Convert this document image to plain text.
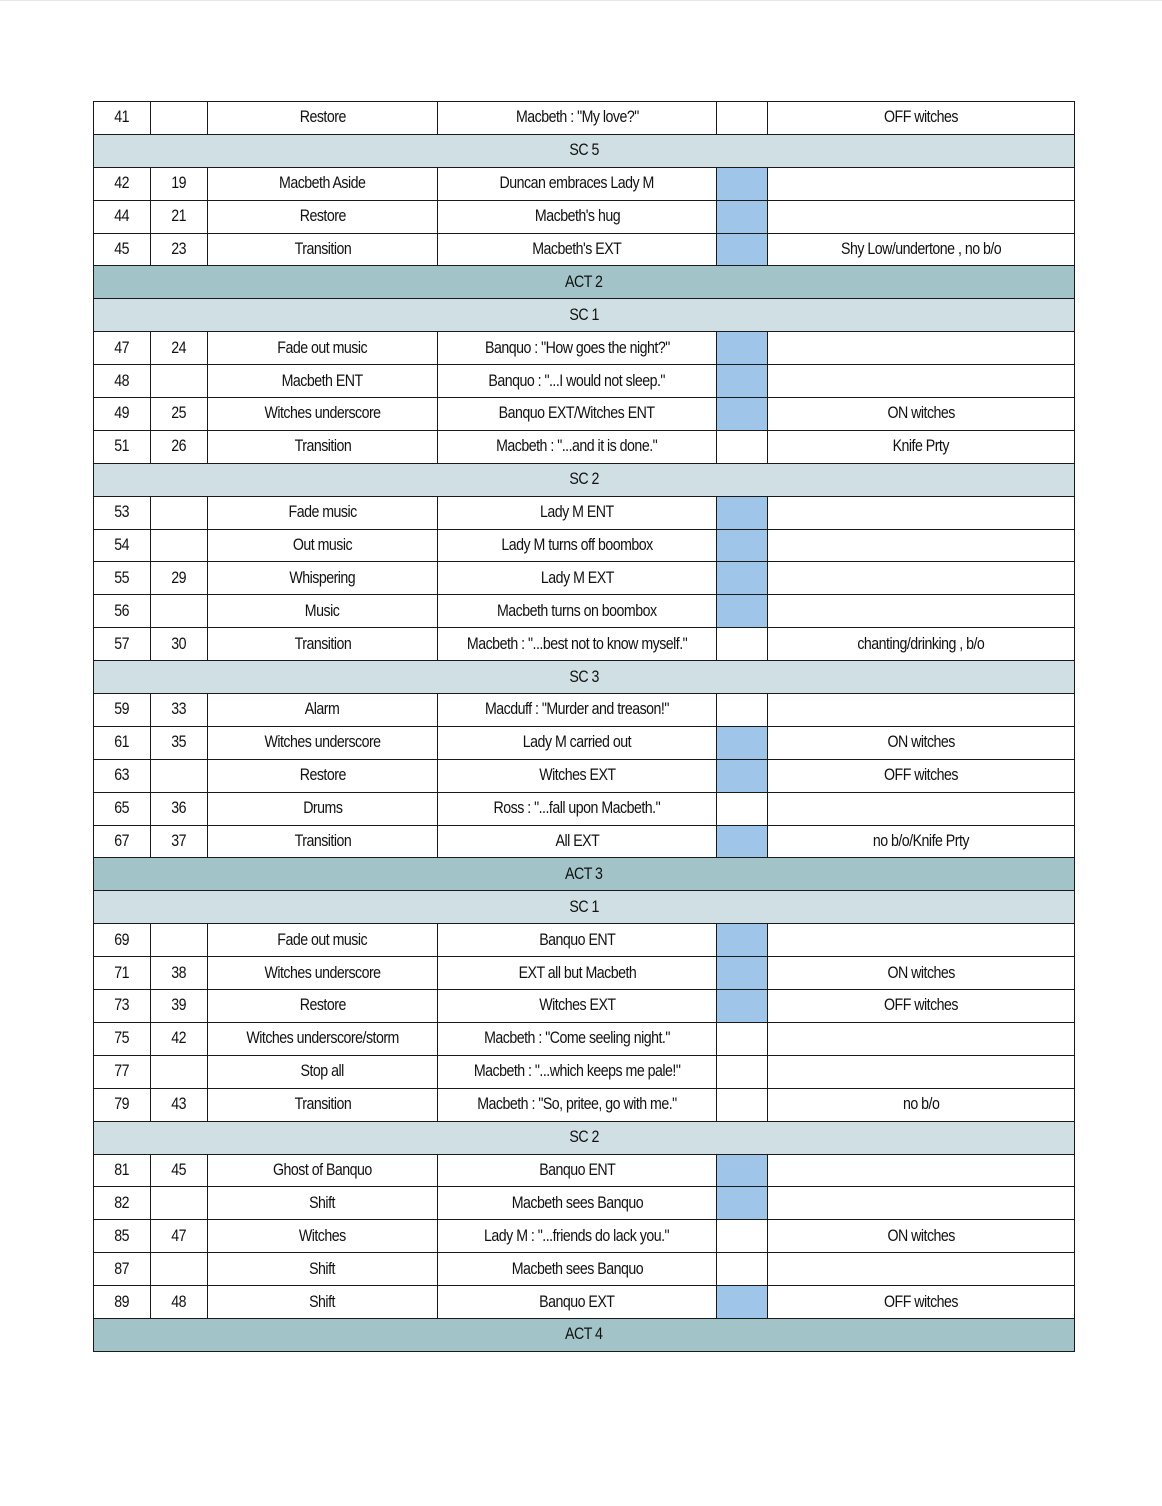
41		Restore	Macbeth : "My love?"		OFF witches
SC 5					
42	19	Macbeth Aside	Duncan embraces Lady M		
44	21	Restore	Macbeth's hug		
45	23	Transition	Macbeth's EXT		Shy Low/undertone , no b/o
ACT 2					
SC 1					
47	24	Fade out music	Banquo : "How goes the night?"		
48		Macbeth ENT	Banquo : "...I would not sleep."		
49	25	Witches underscore	Banquo EXT/Witches ENT		ON witches
51	26	Transition	Macbeth : "...and it is done."		Knife Prty
SC 2					
53		Fade music	Lady M ENT		
54		Out music	Lady M turns off boombox		
55	29	Whispering	Lady M EXT		
56		Music	Macbeth turns on boombox		
57	30	Transition	Macbeth : "...best not to know myself."		chanting/drinking , b/o
SC 3					
59	33	Alarm	Macduff : "Murder and treason!"		
61	35	Witches underscore	Lady M carried out		ON witches
63		Restore	Witches EXT		OFF witches
65	36	Drums	Ross : "...fall upon Macbeth."		
67	37	Transition	All EXT		no b/o/Knife Prty
ACT 3					
SC 1					
69		Fade out music	Banquo ENT		
71	38	Witches underscore	EXT all but Macbeth		ON witches
73	39	Restore	Witches EXT		OFF witches
75	42	Witches underscore/storm	Macbeth : "Come seeling night."		
77		Stop all	Macbeth : "...which keeps me pale!"		
79	43	Transition	Macbeth : "So, pritee, go with me."		no b/o
SC 2					
81	45	Ghost of Banquo	Banquo ENT		
82		Shift	Macbeth sees Banquo		
85	47	Witches	Lady M : "...friends do lack you."		ON witches
87		Shift	Macbeth sees Banquo		
89	48	Shift	Banquo EXT		OFF witches
ACT 4					
